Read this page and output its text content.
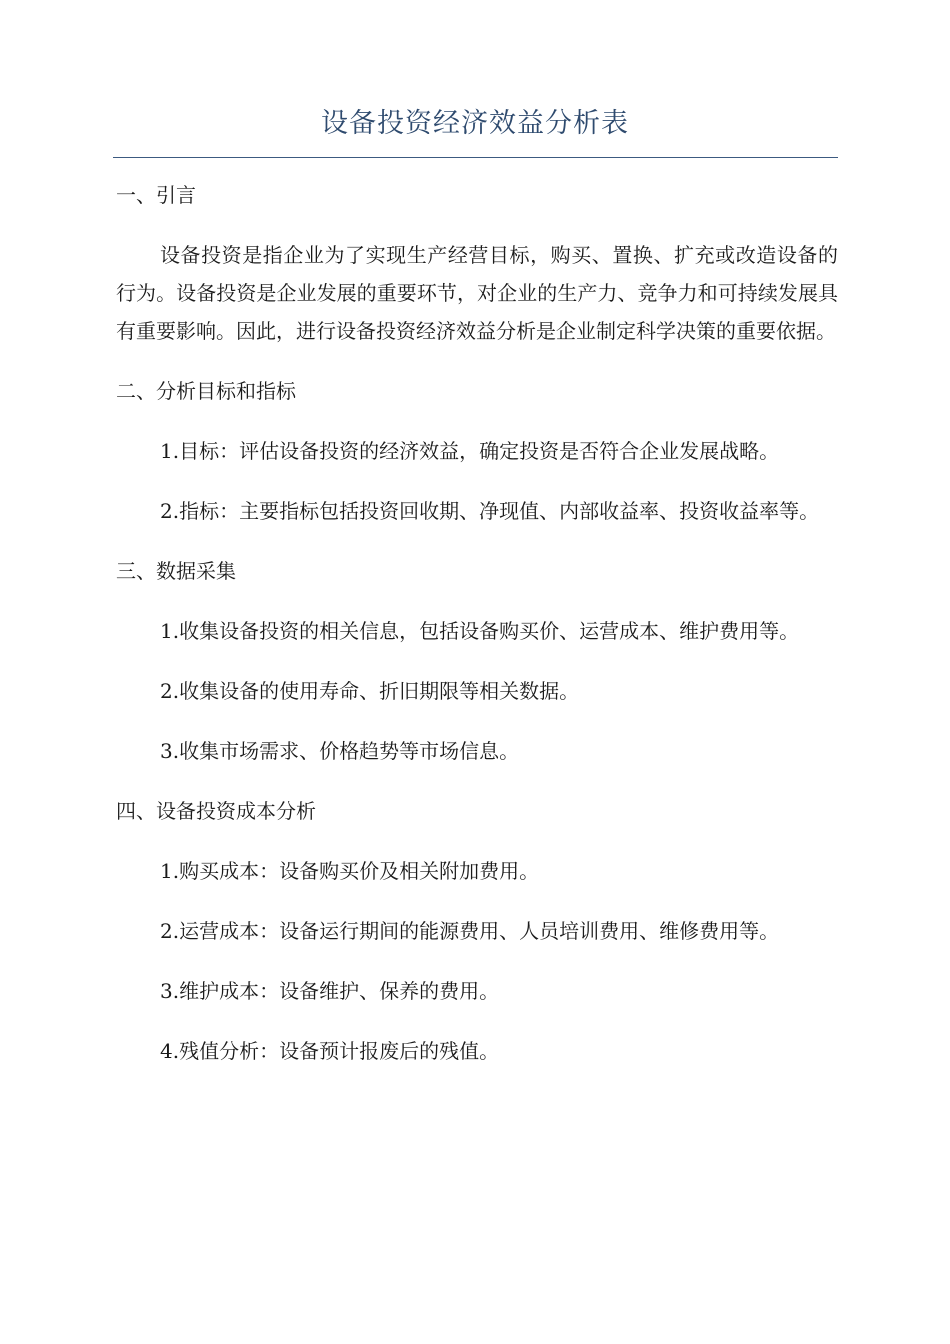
设备投资经济效益分析表
一、引言

设备投资是指企业为了实现生产经营目标，购买、置换、扩充或改造设备的行为。设备投资是企业发展的重要环节，对企业的生产力、竞争力和可持续发展具有重要影响。因此，进行设备投资经济效益分析是企业制定科学决策的重要依据。

二、分析目标和指标

1.目标：评估设备投资的经济效益，确定投资是否符合企业发展战略。

2.指标：主要指标包括投资回收期、净现值、内部收益率、投资收益率等。

三、数据采集

1.收集设备投资的相关信息，包括设备购买价、运营成本、维护费用等。

2.收集设备的使用寿命、折旧期限等相关数据。

3.收集市场需求、价格趋势等市场信息。

四、设备投资成本分析

1.购买成本：设备购买价及相关附加费用。

2.运营成本：设备运行期间的能源费用、人员培训费用、维修费用等。

3.维护成本：设备维护、保养的费用。

4.残值分析：设备预计报废后的残值。
